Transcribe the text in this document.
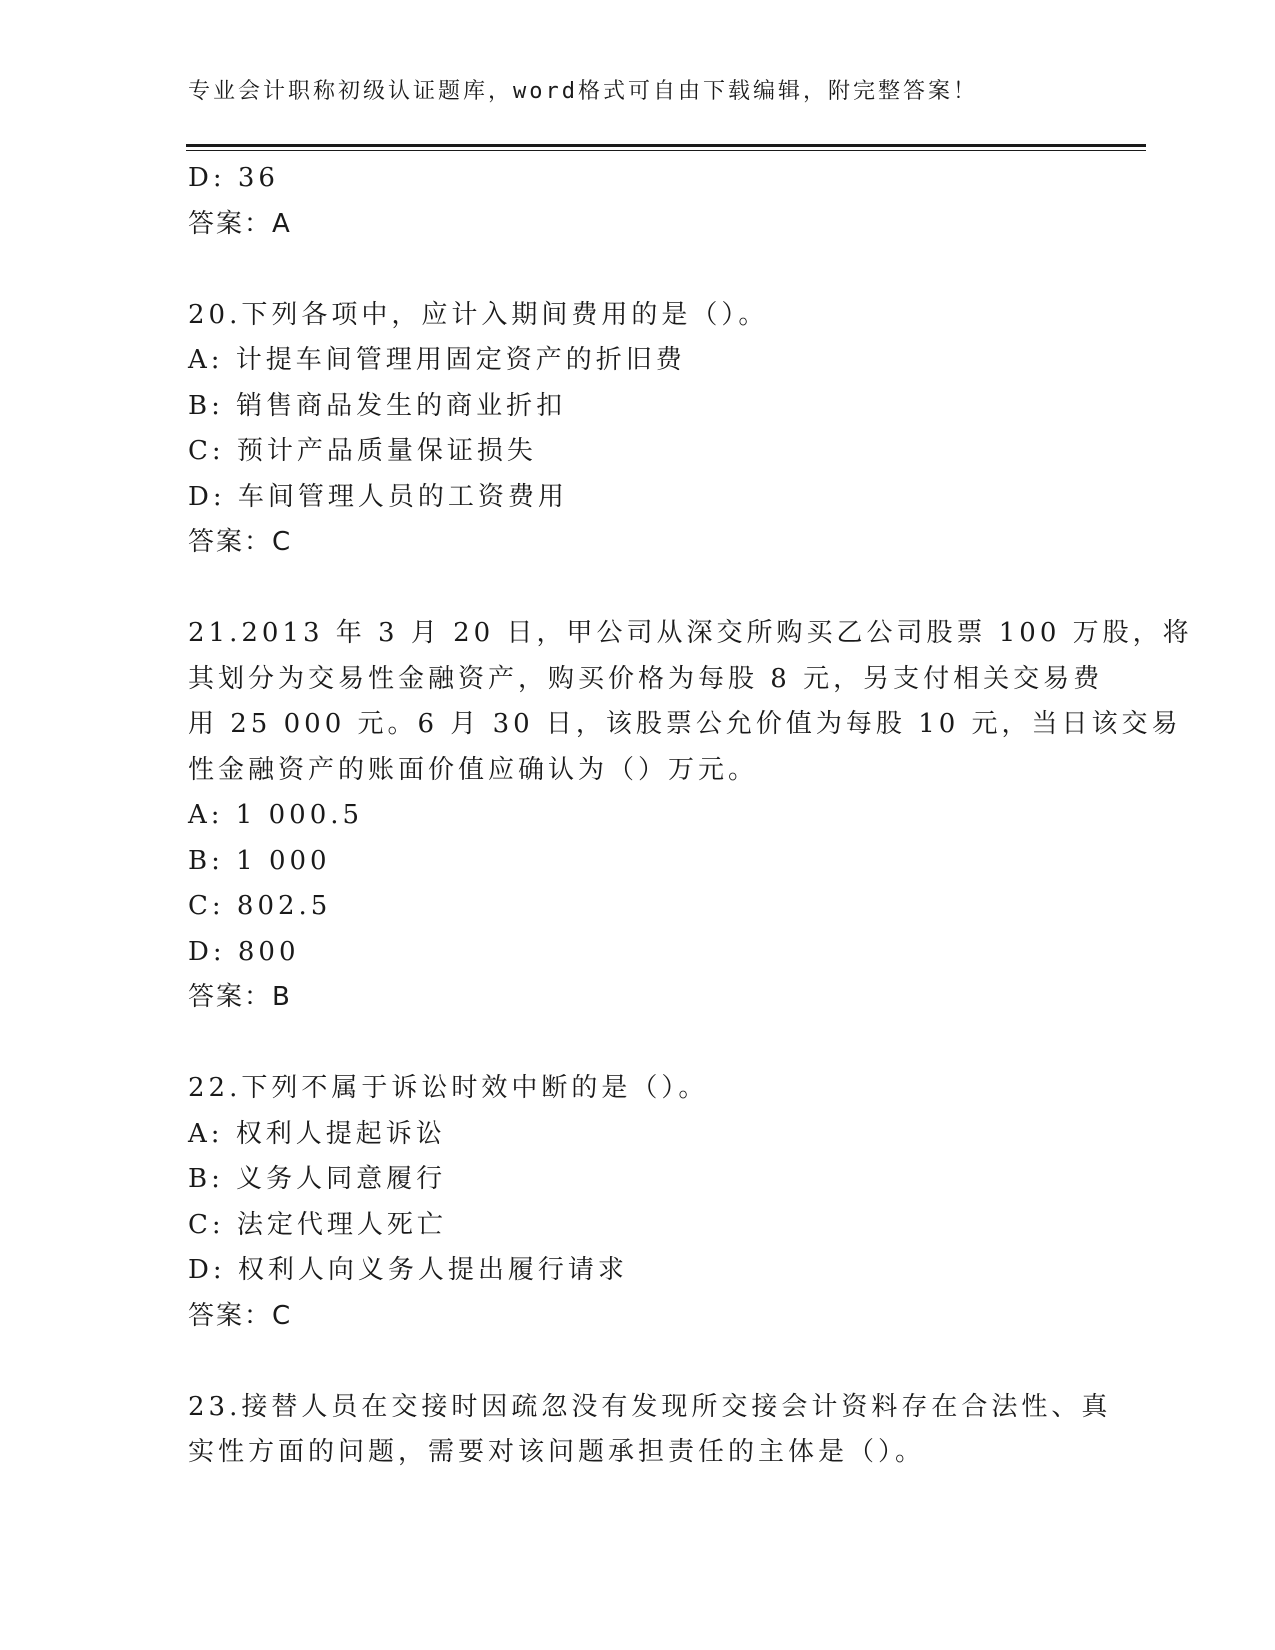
专业会计职称初级认证题库，word格式可自由下载编辑，附完整答案！
D: 36
答案：A
20.下列各项中，应计入期间费用的是（）。
A: 计提车间管理用固定资产的折旧费
B: 销售商品发生的商业折扣
C: 预计产品质量保证损失
D: 车间管理人员的工资费用
答案：C
21.2013 年 3 月 20 日，甲公司从深交所购买乙公司股票 100 万股，将
其划分为交易性金融资产，购买价格为每股 8 元，另支付相关交易费
用 25 000 元。6 月 30 日，该股票公允价值为每股 10 元，当日该交易
性金融资产的账面价值应确认为（）万元。
A: 1 000.5
B: 1 000
C: 802.5
D: 800
答案：B
22.下列不属于诉讼时效中断的是（）。
A: 权利人提起诉讼
B: 义务人同意履行
C: 法定代理人死亡
D: 权利人向义务人提出履行请求
答案：C
23.接替人员在交接时因疏忽没有发现所交接会计资料存在合法性、真
实性方面的问题，需要对该问题承担责任的主体是（）。
